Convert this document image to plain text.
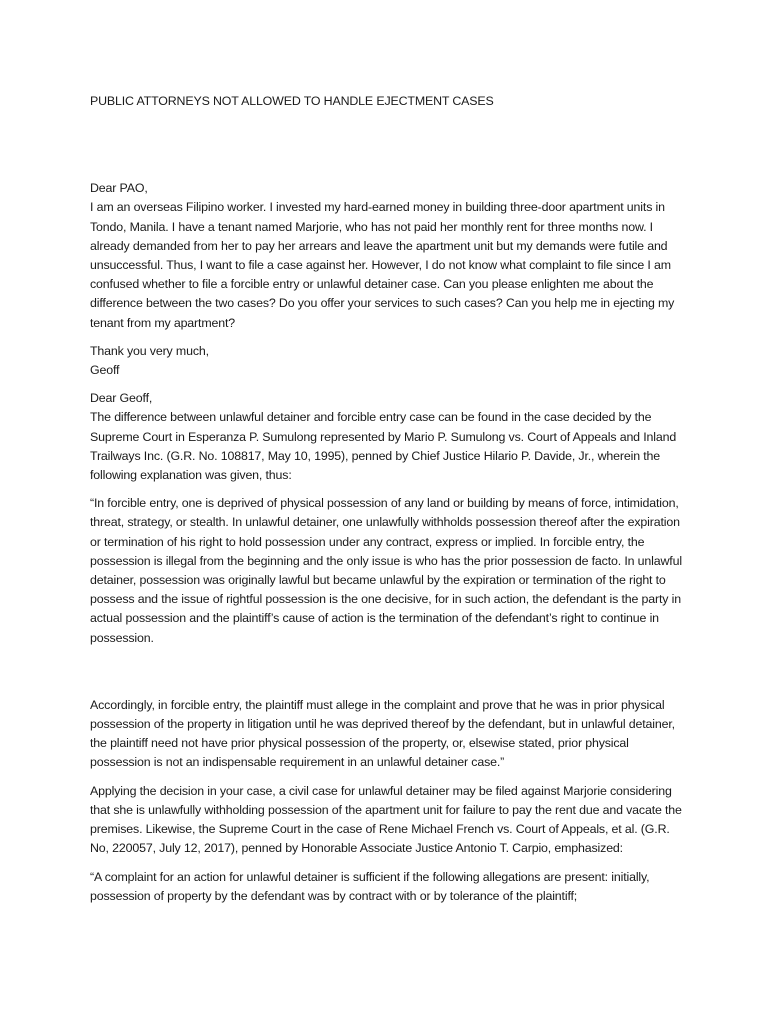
PUBLIC ATTORNEYS NOT ALLOWED TO HANDLE EJECTMENT CASES

Dear PAO,

I am an overseas Filipino worker. I invested my hard-earned money in building three-door apartment units in Tondo, Manila. I have a tenant named Marjorie, who has not paid her monthly rent for three months now. I already demanded from her to pay her arrears and leave the apartment unit but my demands were futile and unsuccessful. Thus, I want to file a case against her. However, I do not know what complaint to file since I am confused whether to file a forcible entry or unlawful detainer case. Can you please enlighten me about the difference between the two cases? Do you offer your services to such cases? Can you help me in ejecting my tenant from my apartment?

Thank you very much,

Geoff

Dear Geoff,

The difference between unlawful detainer and forcible entry case can be found in the case decided by the Supreme Court in Esperanza P. Sumulong represented by Mario P. Sumulong vs. Court of Appeals and Inland Trailways Inc. (G.R. No. 108817, May 10, 1995), penned by Chief Justice Hilario P. Davide, Jr., wherein the following explanation was given, thus:

“In forcible entry, one is deprived of physical possession of any land or building by means of force, intimidation, threat, strategy, or stealth. In unlawful detainer, one unlawfully withholds possession thereof after the expiration or termination of his right to hold possession under any contract, express or implied. In forcible entry, the possession is illegal from the beginning and the only issue is who has the prior possession de facto. In unlawful detainer, possession was originally lawful but became unlawful by the expiration or termination of the right to possess and the issue of rightful possession is the one decisive, for in such action, the defendant is the party in actual possession and the plaintiff’s cause of action is the termination of the defendant’s right to continue in possession.

Accordingly, in forcible entry, the plaintiff must allege in the complaint and prove that he was in prior physical possession of the property in litigation until he was deprived thereof by the defendant, but in unlawful detainer, the plaintiff need not have prior physical possession of the property, or, elsewise stated, prior physical possession is not an indispensable requirement in an unlawful detainer case.”

Applying the decision in your case, a civil case for unlawful detainer may be filed against Marjorie considering that she is unlawfully withholding possession of the apartment unit for failure to pay the rent due and vacate the premises. Likewise, the Supreme Court in the case of Rene Michael French vs. Court of Appeals, et al. (G.R. No, 220057, July 12, 2017), penned by Honorable Associate Justice Antonio T. Carpio, emphasized:

“A complaint for an action for unlawful detainer is sufficient if the following allegations are present: initially, possession of property by the defendant was by contract with or by tolerance of the plaintiff;
